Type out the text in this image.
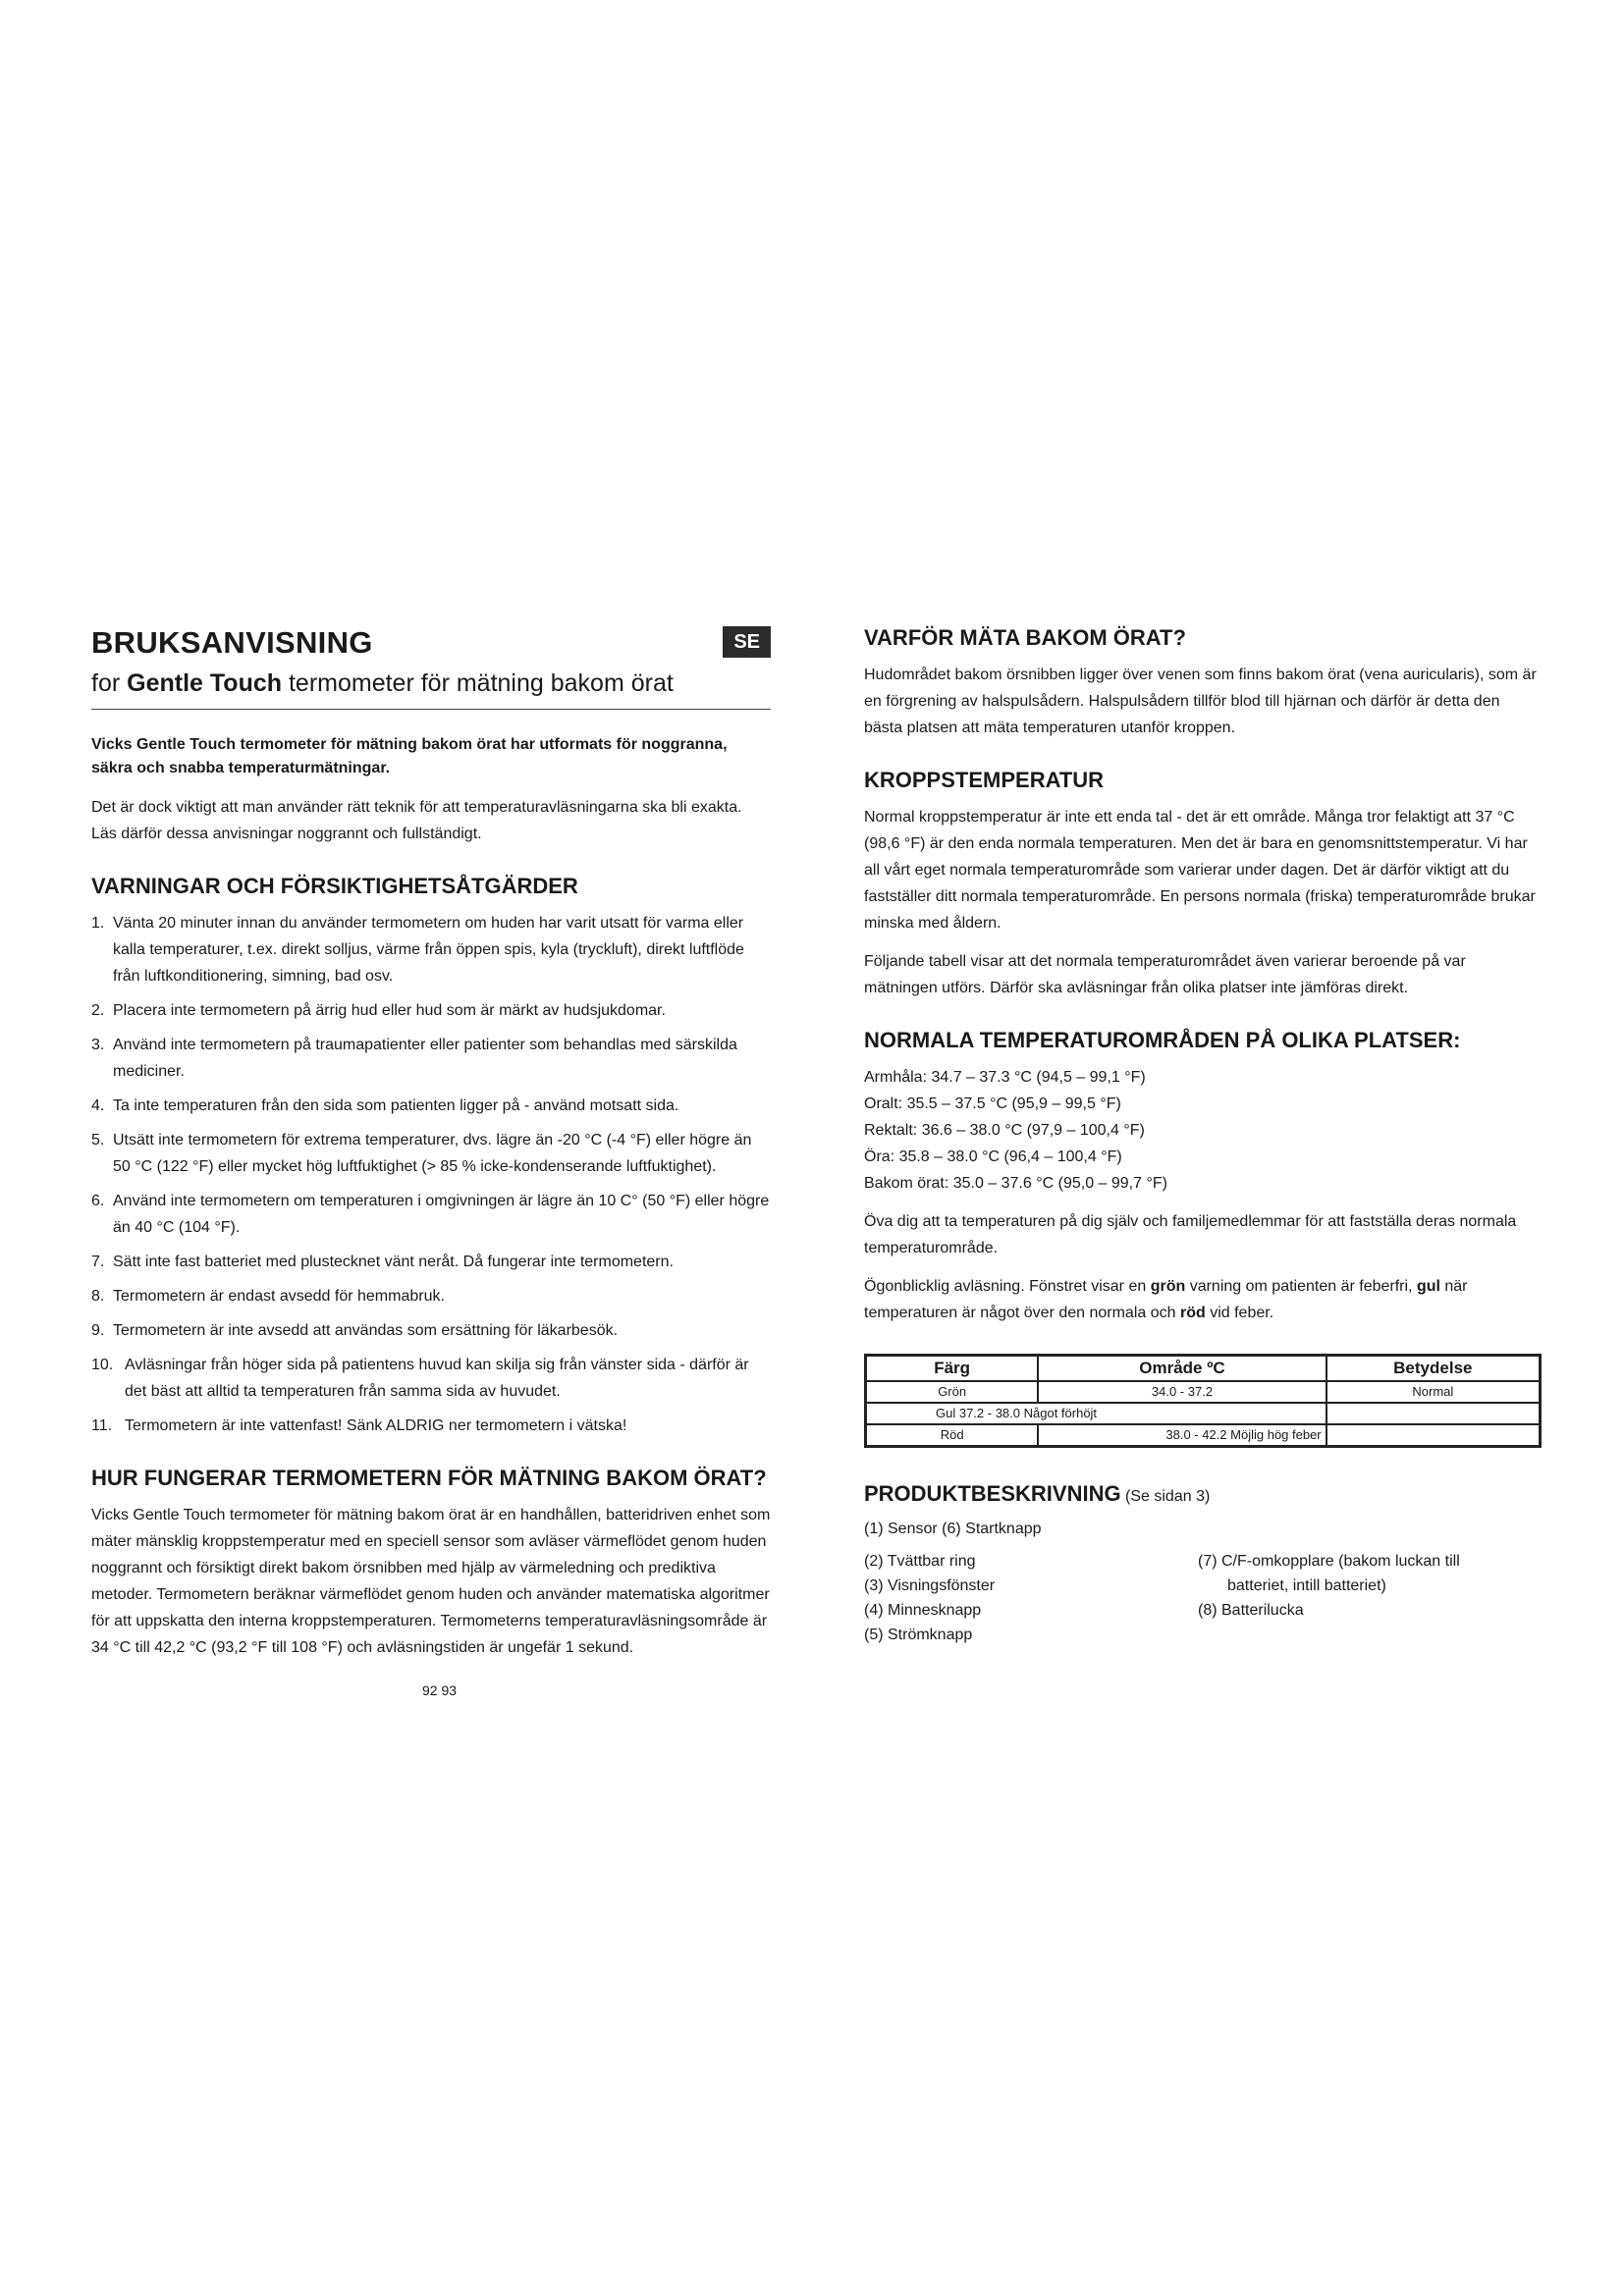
BRUKSANVISNING	SE
for Gentle Touch termometer för mätning bakom örat
Vicks Gentle Touch termometer för mätning bakom örat har utformats för noggranna, säkra och snabba temperaturmätningar.

Det är dock viktigt att man använder rätt teknik för att temperaturavläsningarna ska bli exakta. Läs därför dessa anvisningar noggrannt och fullständigt.

VARNINGAR OCH FÖRSIKTIGHETSÅTGÄRDER
1. Vänta 20 minuter innan du använder termometern om huden har varit utsatt för varma eller kalla temperaturer, t.ex. direkt solljus, värme från öppen spis, kyla (tryckluft), direkt luftflöde från luftkonditionering, simning, bad osv.
2. Placera inte termometern på ärrig hud eller hud som är märkt av hudsjukdomar.
3. Använd inte termometern på traumapatienter eller patienter som behandlas med särskilda mediciner.
4. Ta inte temperaturen från den sida som patienten ligger på - använd motsatt sida.
5. Utsätt inte termometern för extrema temperaturer, dvs. lägre än -20 °C (-4 °F) eller högre än 50 °C (122 °F) eller mycket hög luftfuktighet (> 85 % icke-kondenserande luftfuktighet).
6. Använd inte termometern om temperaturen i omgivningen är lägre än 10 C° (50 °F) eller högre än 40 °C (104 °F).
7. Sätt inte fast batteriet med plustecknet vänt neråt. Då fungerar inte termometern.
8. Termometern är endast avsedd för hemmabruk.
9. Termometern är inte avsedd att användas som ersättning för läkarbesök.
10. Avläsningar från höger sida på patientens huvud kan skilja sig från vänster sida - därför är det bäst att alltid ta temperaturen från samma sida av huvudet.
11. Termometern är inte vattenfast! Sänk ALDRIG ner termometern i vätska!
HUR FUNGERAR TERMOMETERN FÖR MÄTNING BAKOM ÖRAT?

Vicks Gentle Touch termometer för mätning bakom örat är en handhållen, batteridriven enhet som mäter mänsklig kroppstemperatur med en speciell sensor som avläser värmeflödet genom huden noggrannt och försiktigt direkt bakom örsnibben med hjälp av värmeledning och prediktiva metoder. Termometern beräknar värmeflödet genom huden och använder matematiska algoritmer för att uppskatta den interna kroppstemperaturen. Termometerns temperaturavläsningsområde är 34 °C till 42,2 °C (93,2 °F till 108 °F) och avläsningstiden är ungefär 1 sekund.

92 93
VARFÖR MÄTA BAKOM ÖRAT?

Hudområdet bakom örsnibben ligger över venen som finns bakom örat (vena auricularis), som är en förgrening av halspulsådern. Halspulsådern tillför blod till hjärnan och därför är detta den bästa platsen att mäta temperaturen utanför kroppen.

KROPPSTEMPERATUR

Normal kroppstemperatur är inte ett enda tal - det är ett område. Många tror felaktigt att 37 °C (98,6 °F) är den enda normala temperaturen. Men det är bara en genomsnittstemperatur. Vi har all vårt eget normala temperaturområde som varierar under dagen. Det är därför viktigt att du fastställer ditt normala temperaturområde. En persons normala (friska) temperaturområde brukar minska med åldern.

Följande tabell visar att det normala temperaturområdet även varierar beroende på var mätningen utförs. Därför ska avläsningar från olika platser inte jämföras direkt.

NORMALA TEMPERATUROMRÅDEN PÅ OLIKA PLATSER:
Armhåla: 34.7 – 37.3 °C (94,5 – 99,1 °F)
Oralt: 35.5 – 37.5 °C (95,9 – 99,5 °F)
Rektalt: 36.6 – 38.0 °C (97,9 – 100,4 °F)
Öra: 35.8 – 38.0 °C (96,4 – 100,4 °F)
Bakom örat: 35.0 – 37.6 °C (95,0 – 99,7 °F)

Öva dig att ta temperaturen på dig själv och familjemedlemmar för att fastställa deras normala temperaturområde.

Ögonblicklig avläsning. Fönstret visar en grön varning om patienten är feberfri, gul när temperaturen är något över den normala och röd vid feber.

Färg	Område ºC	Betydelse
Grön	34.0 - 37.2	Normal
Gul 37.2 - 38.0 Något förhöjt		
Röd	38.0 - 42.2 Möjlig hög feber	
PRODUKTBESKRIVNING (Se sidan 3)
(1) Sensor (6) Startknapp
(2) Tvättbar ring
(3) Visningsfönster
(4) Minnesknapp
(5) Strömknapp
(7) C/F-omkopplare (bakom luckan till
batteriet, intill batteriet)
(8) Batterilucka
